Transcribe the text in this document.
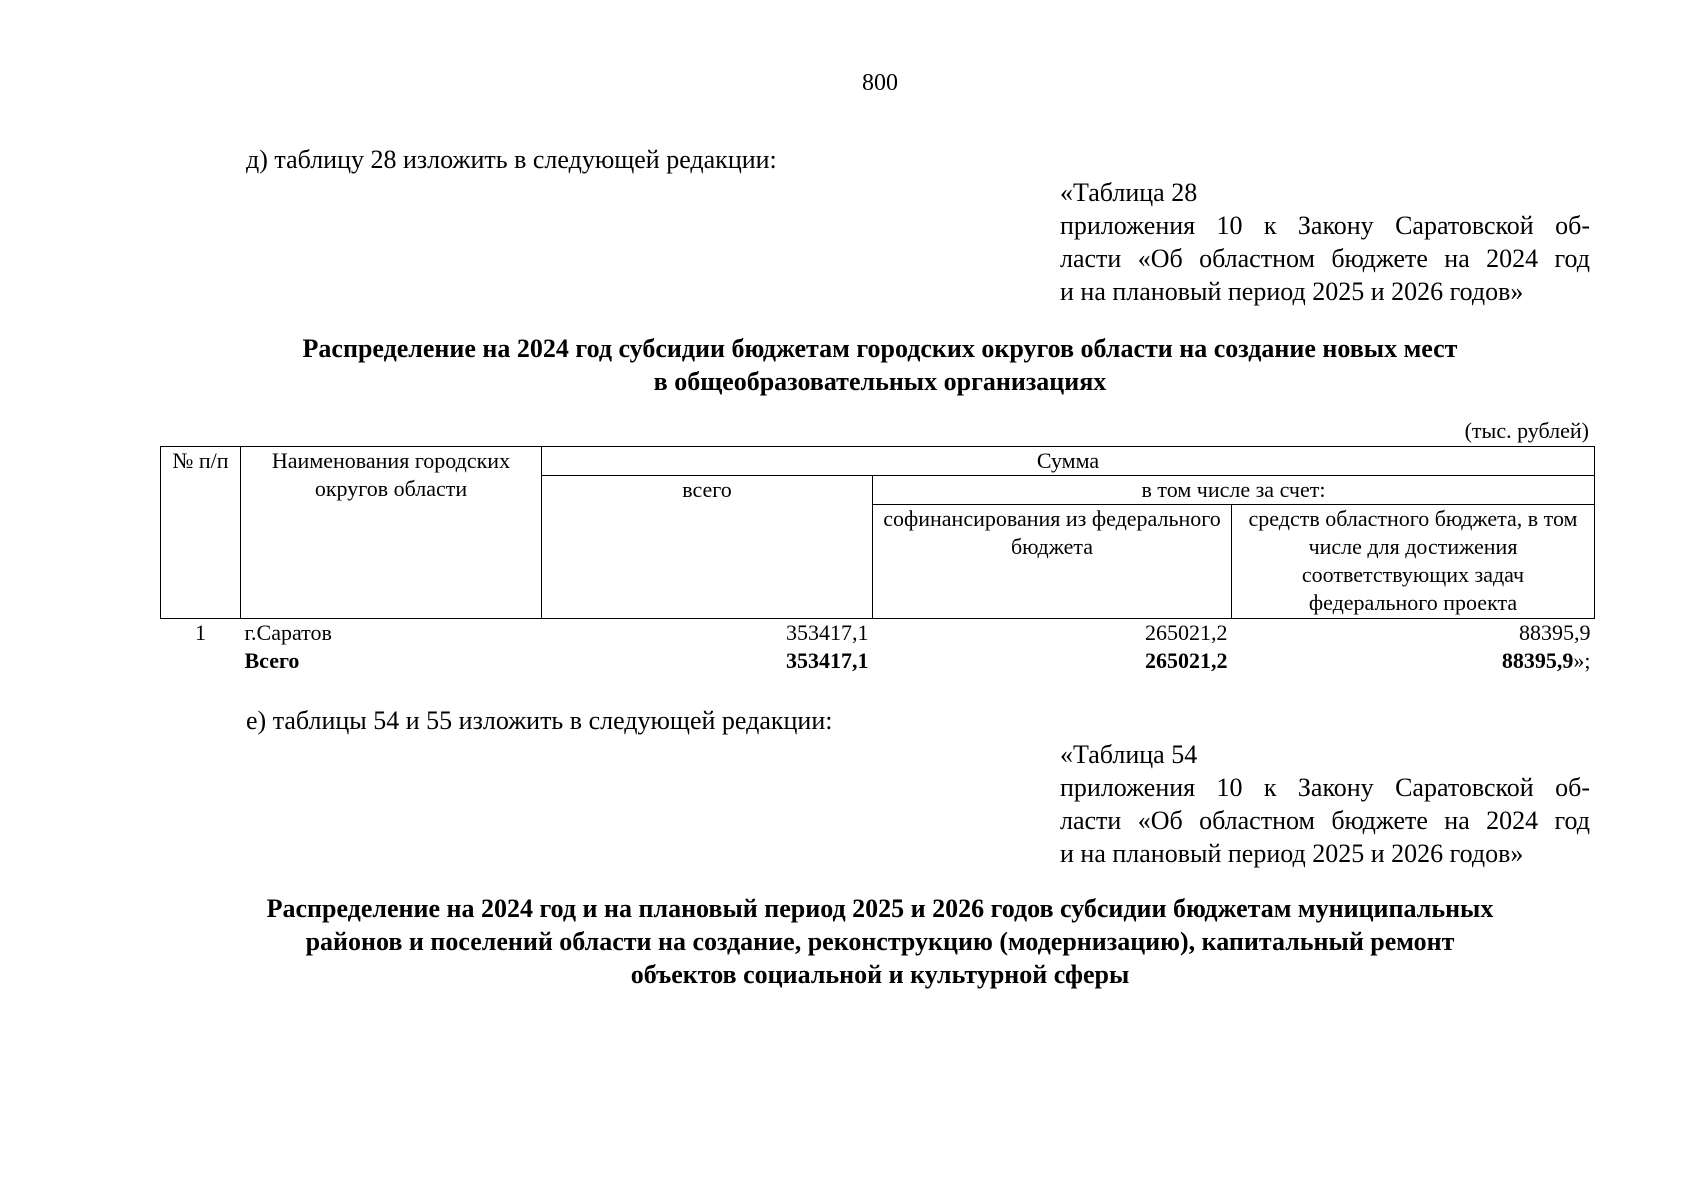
800
д) таблицу 28 изложить в следующей редакции:
«Таблица 28
приложения 10 к Закону Саратовской об-
ласти «Об областном бюджете на 2024 год
и на плановый период 2025 и 2026 годов»
Распределение на 2024 год субсидии бюджетам городских округов области на создание новых мест
в общеобразовательных организациях
(тыс. рублей)
№ п/п	Наименования городских округов области	Сумма		
		всего	в том числе за счет:	
			софинансирования из федерального бюджета	средств областного бюджета, в том числе для достижения соответствующих задач федерального проекта
1	г.Саратов	353417,1	265021,2	88395,9
	Всего	353417,1	265021,2	88395,9»;
е) таблицы 54 и 55 изложить в следующей редакции:
«Таблица 54
приложения 10 к Закону Саратовской об-
ласти «Об областном бюджете на 2024 год
и на плановый период 2025 и 2026 годов»
Распределение на 2024 год и на плановый период 2025 и 2026 годов субсидии бюджетам муниципальных
районов и поселений области на создание, реконструкцию (модернизацию), капитальный ремонт
объектов социальной и культурной сферы
